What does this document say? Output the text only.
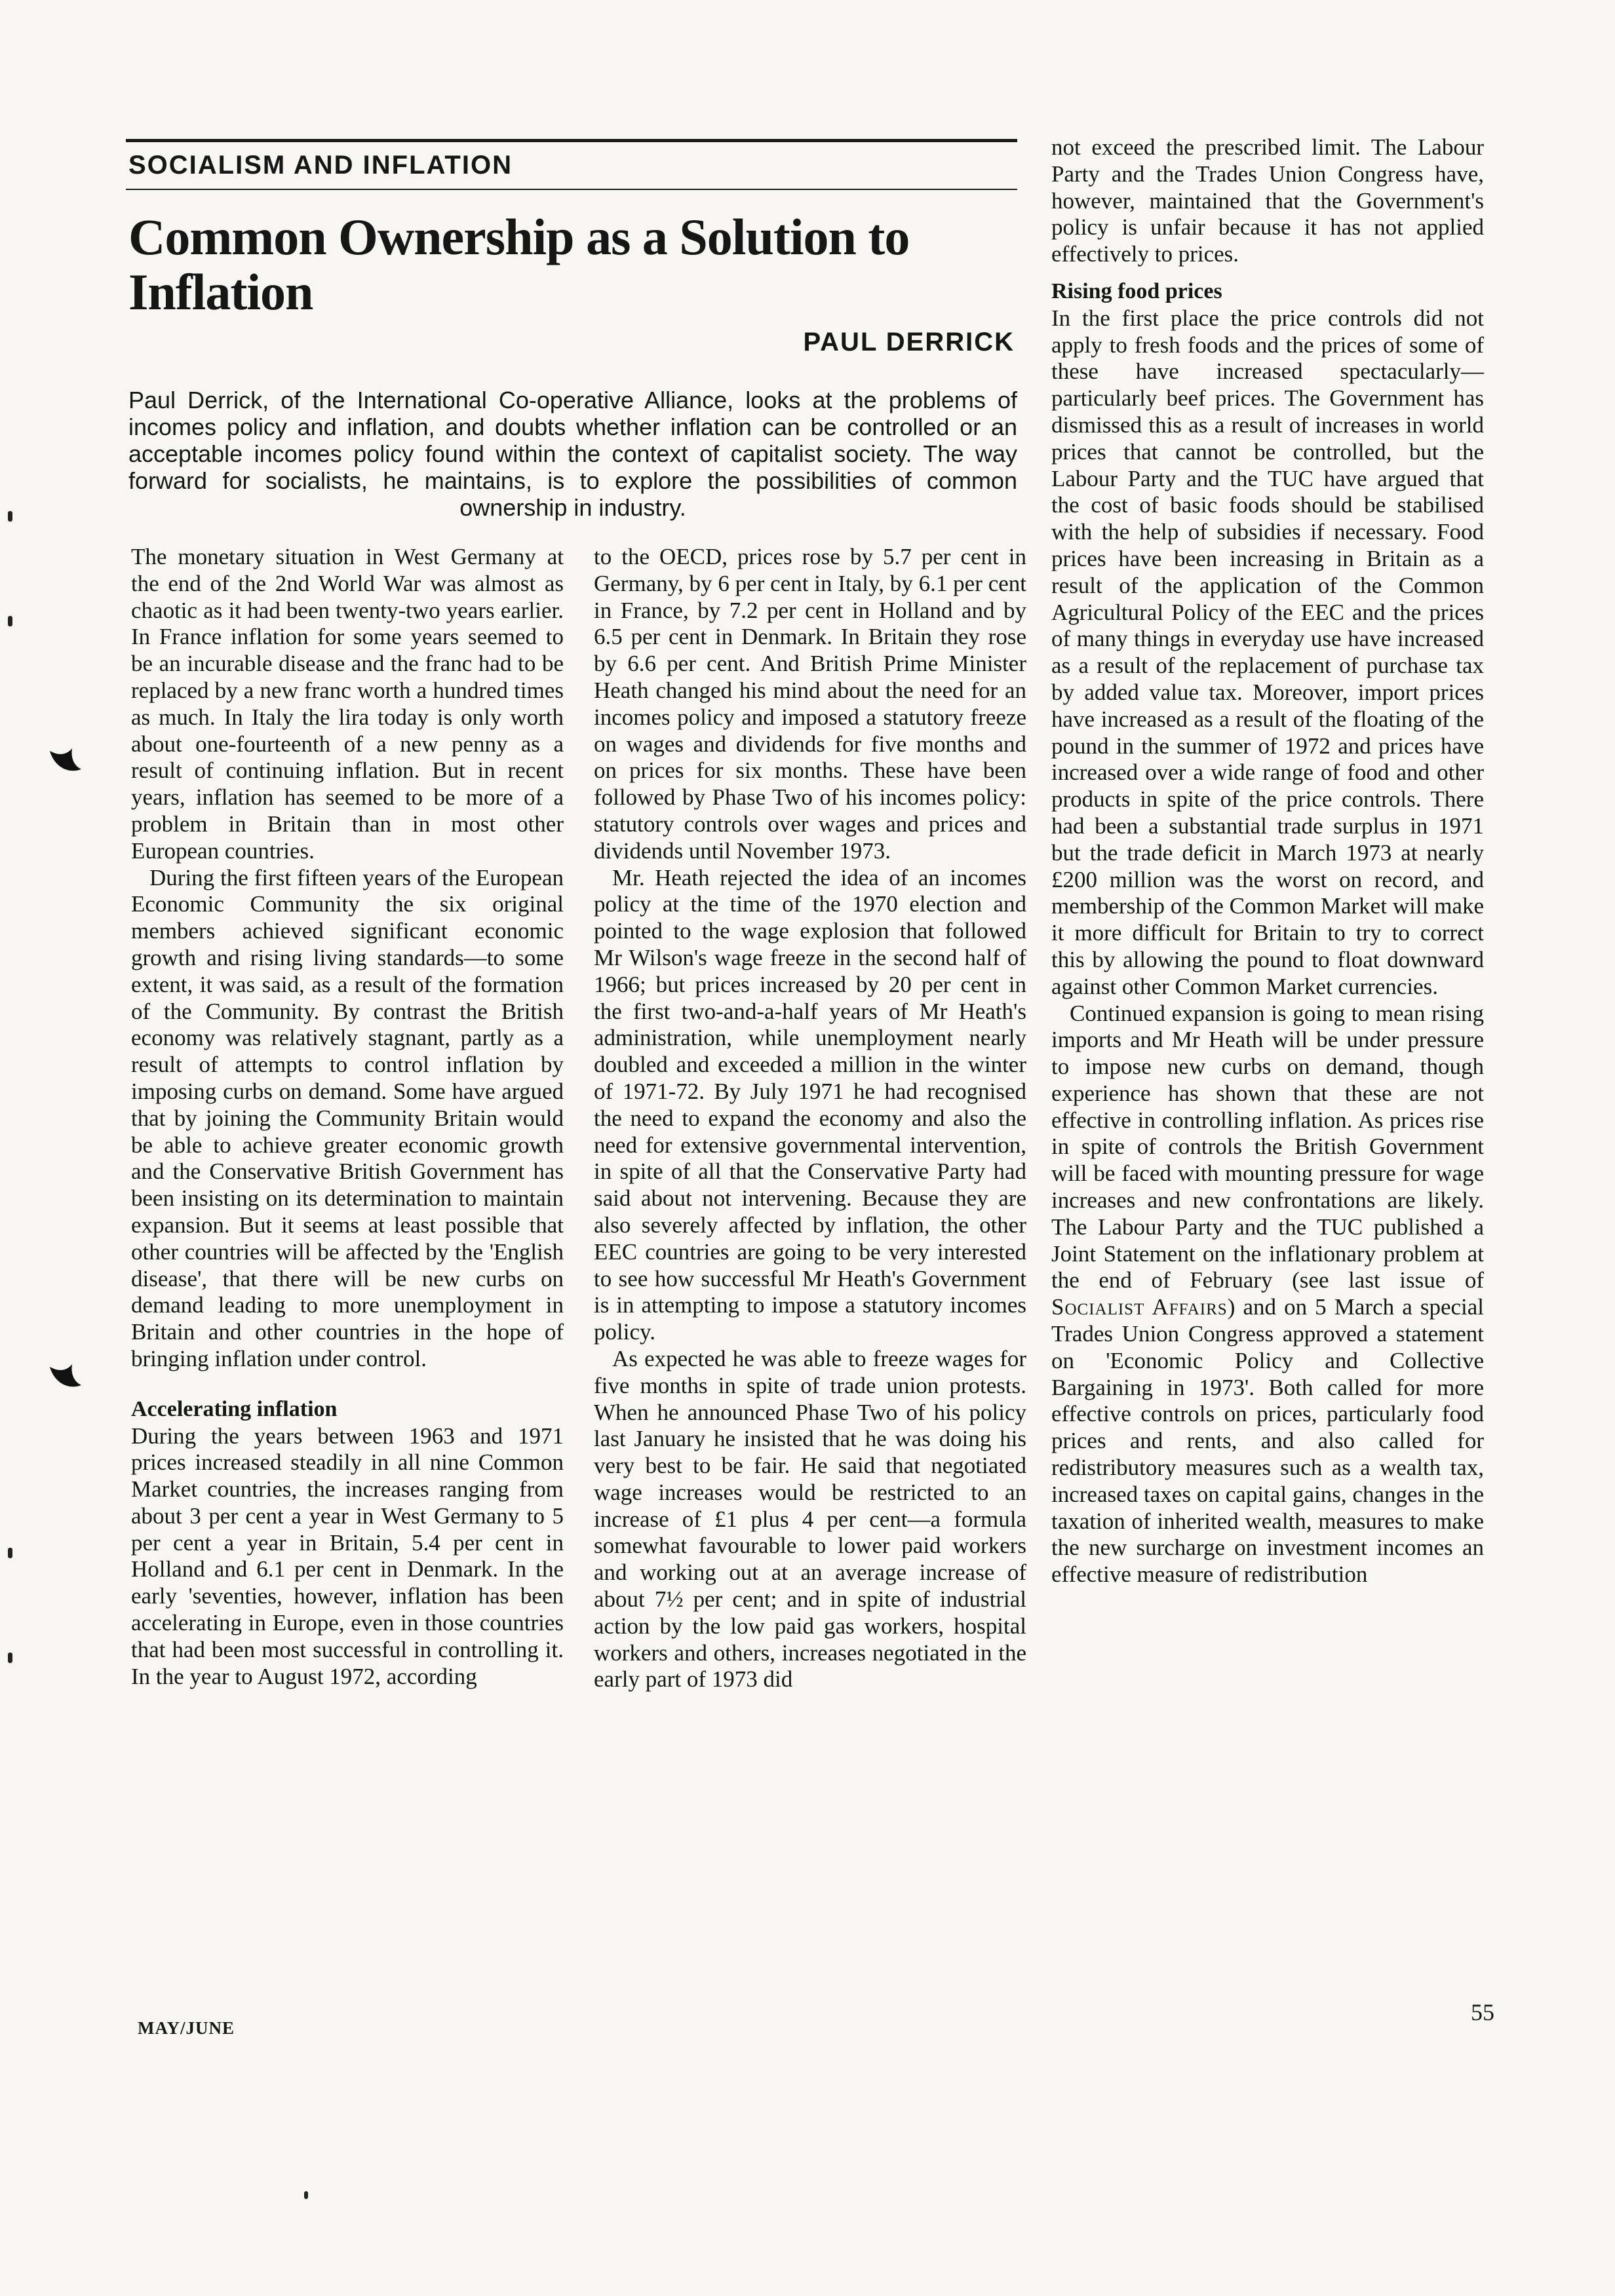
SOCIALISM AND INFLATION
Common Ownership as a Solution to Inflation
PAUL DERRICK
Paul Derrick, of the International Co-operative Alliance, looks at the problems of incomes policy and inflation, and doubts whether inflation can be controlled or an acceptable incomes policy found within the context of capitalist society. The way forward for socialists, he maintains, is to explore the possibilities of common ownership in industry.

The monetary situation in West Germany at the end of the 2nd World War was almost as chaotic as it had been twenty-two years earlier. In France inflation for some years seemed to be an incurable disease and the franc had to be replaced by a new franc worth a hundred times as much. In Italy the lira today is only worth about one-fourteenth of a new penny as a result of continuing inflation. But in recent years, inflation has seemed to be more of a problem in Britain than in most other European countries.

During the first fifteen years of the European Economic Community the six original members achieved significant economic growth and rising living standards—to some extent, it was said, as a result of the formation of the Community. By contrast the British economy was relatively stagnant, partly as a result of attempts to control inflation by imposing curbs on demand. Some have argued that by joining the Community Britain would be able to achieve greater economic growth and the Conservative British Government has been insisting on its determination to maintain expansion. But it seems at least possible that other countries will be affected by the 'English disease', that there will be new curbs on demand leading to more unemployment in Britain and other countries in the hope of bringing inflation under control.

Accelerating inflation

During the years between 1963 and 1971 prices increased steadily in all nine Common Market countries, the increases ranging from about 3 per cent a year in West Germany to 5 per cent a year in Britain, 5.4 per cent in Holland and 6.1 per cent in Denmark. In the early 'seventies, however, inflation has been accelerating in Europe, even in those countries that had been most successful in controlling it. In the year to August 1972, according

to the OECD, prices rose by 5.7 per cent in Germany, by 6 per cent in Italy, by 6.1 per cent in France, by 7.2 per cent in Holland and by 6.5 per cent in Denmark. In Britain they rose by 6.6 per cent. And British Prime Minister Heath changed his mind about the need for an incomes policy and imposed a statutory freeze on wages and dividends for five months and on prices for six months. These have been followed by Phase Two of his incomes policy: statutory controls over wages and prices and dividends until November 1973.

Mr. Heath rejected the idea of an incomes policy at the time of the 1970 election and pointed to the wage explosion that followed Mr Wilson's wage freeze in the second half of 1966; but prices increased by 20 per cent in the first two-and-a-half years of Mr Heath's administration, while unemployment nearly doubled and exceeded a million in the winter of 1971-72. By July 1971 he had recognised the need to expand the economy and also the need for extensive governmental intervention, in spite of all that the Conservative Party had said about not intervening. Because they are also severely affected by inflation, the other EEC countries are going to be very interested to see how successful Mr Heath's Government is in attempting to impose a statutory incomes policy.

As expected he was able to freeze wages for five months in spite of trade union protests. When he announced Phase Two of his policy last January he insisted that he was doing his very best to be fair. He said that negotiated wage increases would be restricted to an increase of £1 plus 4 per cent—a formula somewhat favourable to lower paid workers and working out at an average increase of about 7½ per cent; and in spite of industrial action by the low paid gas workers, hospital workers and others, increases negotiated in the early part of 1973 did

not exceed the prescribed limit. The Labour Party and the Trades Union Congress have, however, maintained that the Government's policy is unfair because it has not applied effectively to prices.

Rising food prices

In the first place the price controls did not apply to fresh foods and the prices of some of these have increased spectacularly—particularly beef prices. The Government has dismissed this as a result of increases in world prices that cannot be controlled, but the Labour Party and the TUC have argued that the cost of basic foods should be stabilised with the help of subsidies if necessary. Food prices have been increasing in Britain as a result of the application of the Common Agricultural Policy of the EEC and the prices of many things in everyday use have increased as a result of the replacement of purchase tax by added value tax. Moreover, import prices have increased as a result of the floating of the pound in the summer of 1972 and prices have increased over a wide range of food and other products in spite of the price controls. There had been a substantial trade surplus in 1971 but the trade deficit in March 1973 at nearly £200 million was the worst on record, and membership of the Common Market will make it more difficult for Britain to try to correct this by allowing the pound to float downward against other Common Market currencies.

Continued expansion is going to mean rising imports and Mr Heath will be under pressure to impose new curbs on demand, though experience has shown that these are not effective in controlling inflation. As prices rise in spite of controls the British Government will be faced with mounting pressure for wage increases and new confrontations are likely. The Labour Party and the TUC published a Joint Statement on the inflationary problem at the end of February (see last issue of Socialist Affairs) and on 5 March a special Trades Union Congress approved a statement on 'Economic Policy and Collective Bargaining in 1973'. Both called for more effective controls on prices, particularly food prices and rents, and also called for redistributory measures such as a wealth tax, increased taxes on capital gains, changes in the taxation of inherited wealth, measures to make the new surcharge on investment incomes an effective measure of redistribution

MAY/JUNE
55
